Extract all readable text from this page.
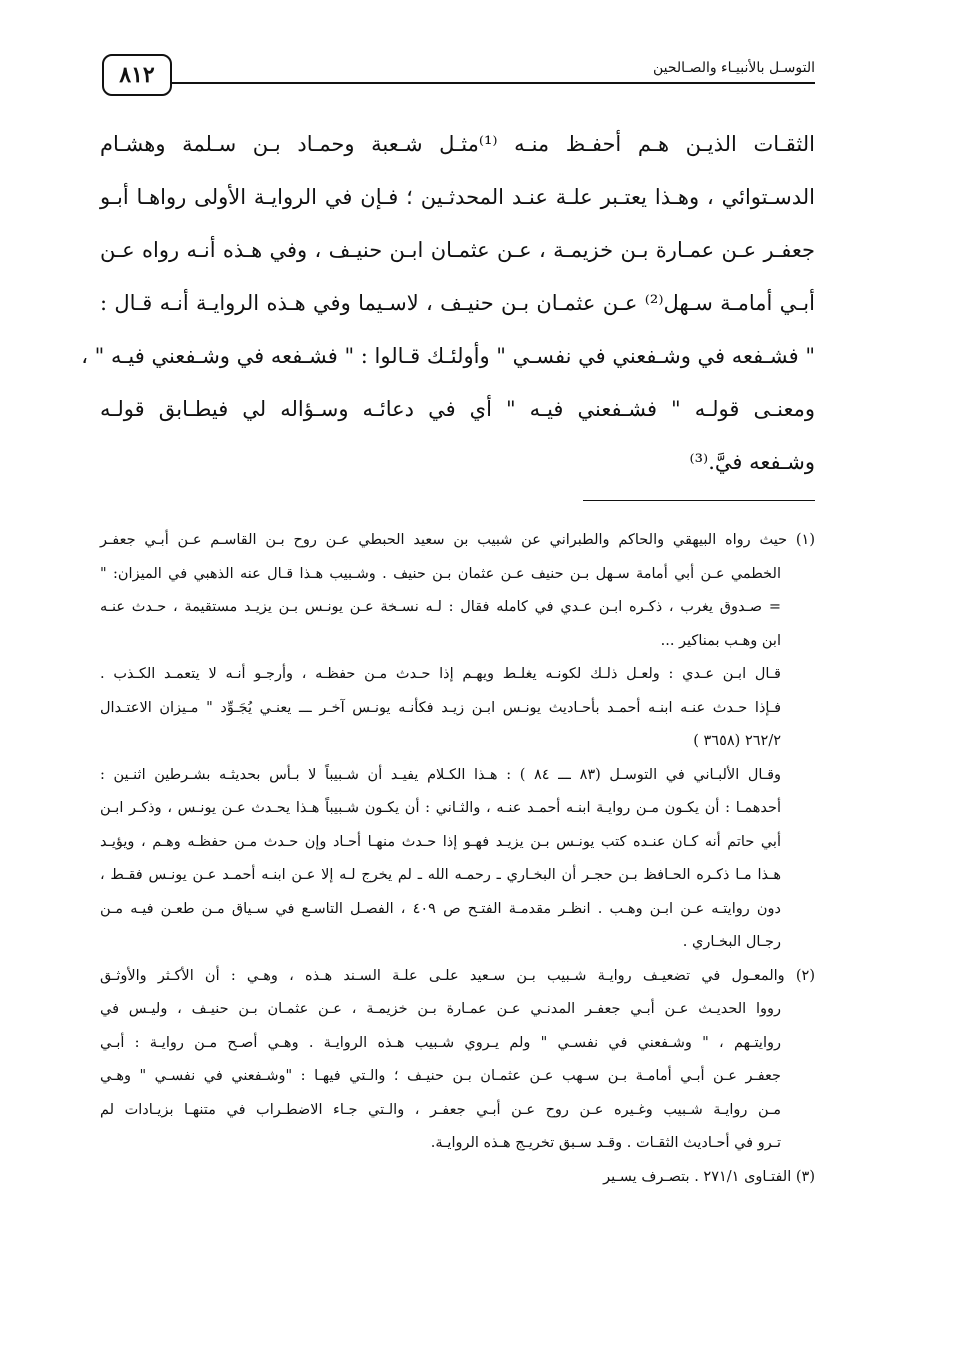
التوسـل بالأنبيـاء والصـالحين
٨١٢
الثقـات الذيـن هـم أحفـظ منـه ⁽¹⁾مثـل شـعبة وحمـاد بـن سـلمة وهشـام
الدسـتوائي ، وهـذا يعتـبر علـة عنـد المحدثـين ؛ فـإن في الروايـة الأولى رواهـا أبـو
جعفـر عـن عمـارة بـن خزيمـة ، عـن عثمـان ابـن حنيـف ، وفي هـذه أنـه رواه عـن
أبـي أمامـة سـهل⁽²⁾ عـن عثمـان بـن حنيـف ، لاسـيما وفي هـذه الروايـة أنـه قـال :
" فشـفعه في وشـفعني في نفسـي " وأولئـك قـالوا : " فشـفعه في وشـفعني فيـه " ،
ومعنـى قولـه " فشـفعني فيـه " أي في دعائـه وسـؤاله لي فيطـابق قولـه
وشـفعه فيَّ.⁽³⁾
(١) حيث رواه البيهقي والحاكم والطبراني عن شبيب بن سعيد الحبطي عـن روح بـن القاسـم عـن أبـي جعفـر
الخطمي عـن أبي أمامة سـهل بـن حنيف عـن عثمان بـن حنيف . وشـبيب هـذا قـال عنه الذهبي في الميزان: "
= صـدوق يغرب ، ذكـره ابـن عـدي في كامله فقال : لـه نسـخة عـن يونـس بـن يزيـد مستقيمة ، حـدث عنـه
ابن وهـب بمناكير ...
قـال ابـن عـدي : ولعـل ذلـك لكونـه يغلـط ويهـم إذا حـدث مـن حفظـه ، وأرجـو أنـه لا يتعمـد الكـذب .
فـإذا حـدث عنـه ابنـه أحمـد بأحـاديث يونـس ابـن زيـد فكأنـه يونـس آخـر ـــ يعنـي يُجَـوِّد " مـيزان الاعتـدال
٢٦٢/٢ (٣٦٥٨ )
وقـال الألبـاني في التوسـل (٨٣ ـــ ٨٤ ) : هـذا الكـلام يفيـد أن شـبيباً لا بـأس بحديثـه بشـرطين اثنـين :
أحدهمـا : أن يكـون مـن روايـة ابنـه أحمـد عنـه ، والثـاني : أن يكـون شـبيباً هـذا يحـدث عـن يونـس ، وذكـر ابـن
أبي حاتم أنه كـان عنـده كتب يونـس بـن يزيـد فهـو إذا حـدث منهـا أحـاد وإن حـدث مـن حفظـه وهـم ، ويؤيـد
هـذا مـا ذكـره الحـافظ بـن حجـر أن البخـاري ـ رحمـه الله ـ لم يخرج لـه إلا عـن ابنـه أحمـد عـن يونـس فقـط ،
دون روايتـه عـن ابـن وهـب . انظـر مقدمـة الفتـح ص ٤٠٩ ، الفصـل التاسـع في سـياق مـن طعـن فيـه مـن
رجـال البخـاري .
(٢) والمعـول في تضعيـف روايـة شـبيب بـن سـعيد علـى علـة السـند هـذه ، وهـي : أن الأكـثر والأوثـق
رووا الحديـث عـن أبـي جعفـر المدنـي عـن عمـارة بـن خزيمـة ، عـن عثمـان بـن حنيـف ، وليـس في
روايتـهم ، " وشـفعني في نفسـي " ولم يـروي شـبيب هـذه الروايـة . وهـي أصـح مـن روايـة : أبـي
جعفـر عـن أبـي أمامـة بـن سـهب عـن عثمـان بـن حنيـف ؛ والـتي فيهـا : "وشـفعني في نفسـي " وهـي
مـن روايـة شـبيب وغـيره عـن روح عـن أبـي جعفـر ، والـتي جـاء الاضطـراب في متنهـا بزيـادات لم
تـرو في أحـاديث الثقـات . وقـد سـبق تخريـج هـذه الروايـة.
(٣) الفتـاوى ٢٧١/١ . بتصـرف يسـير
